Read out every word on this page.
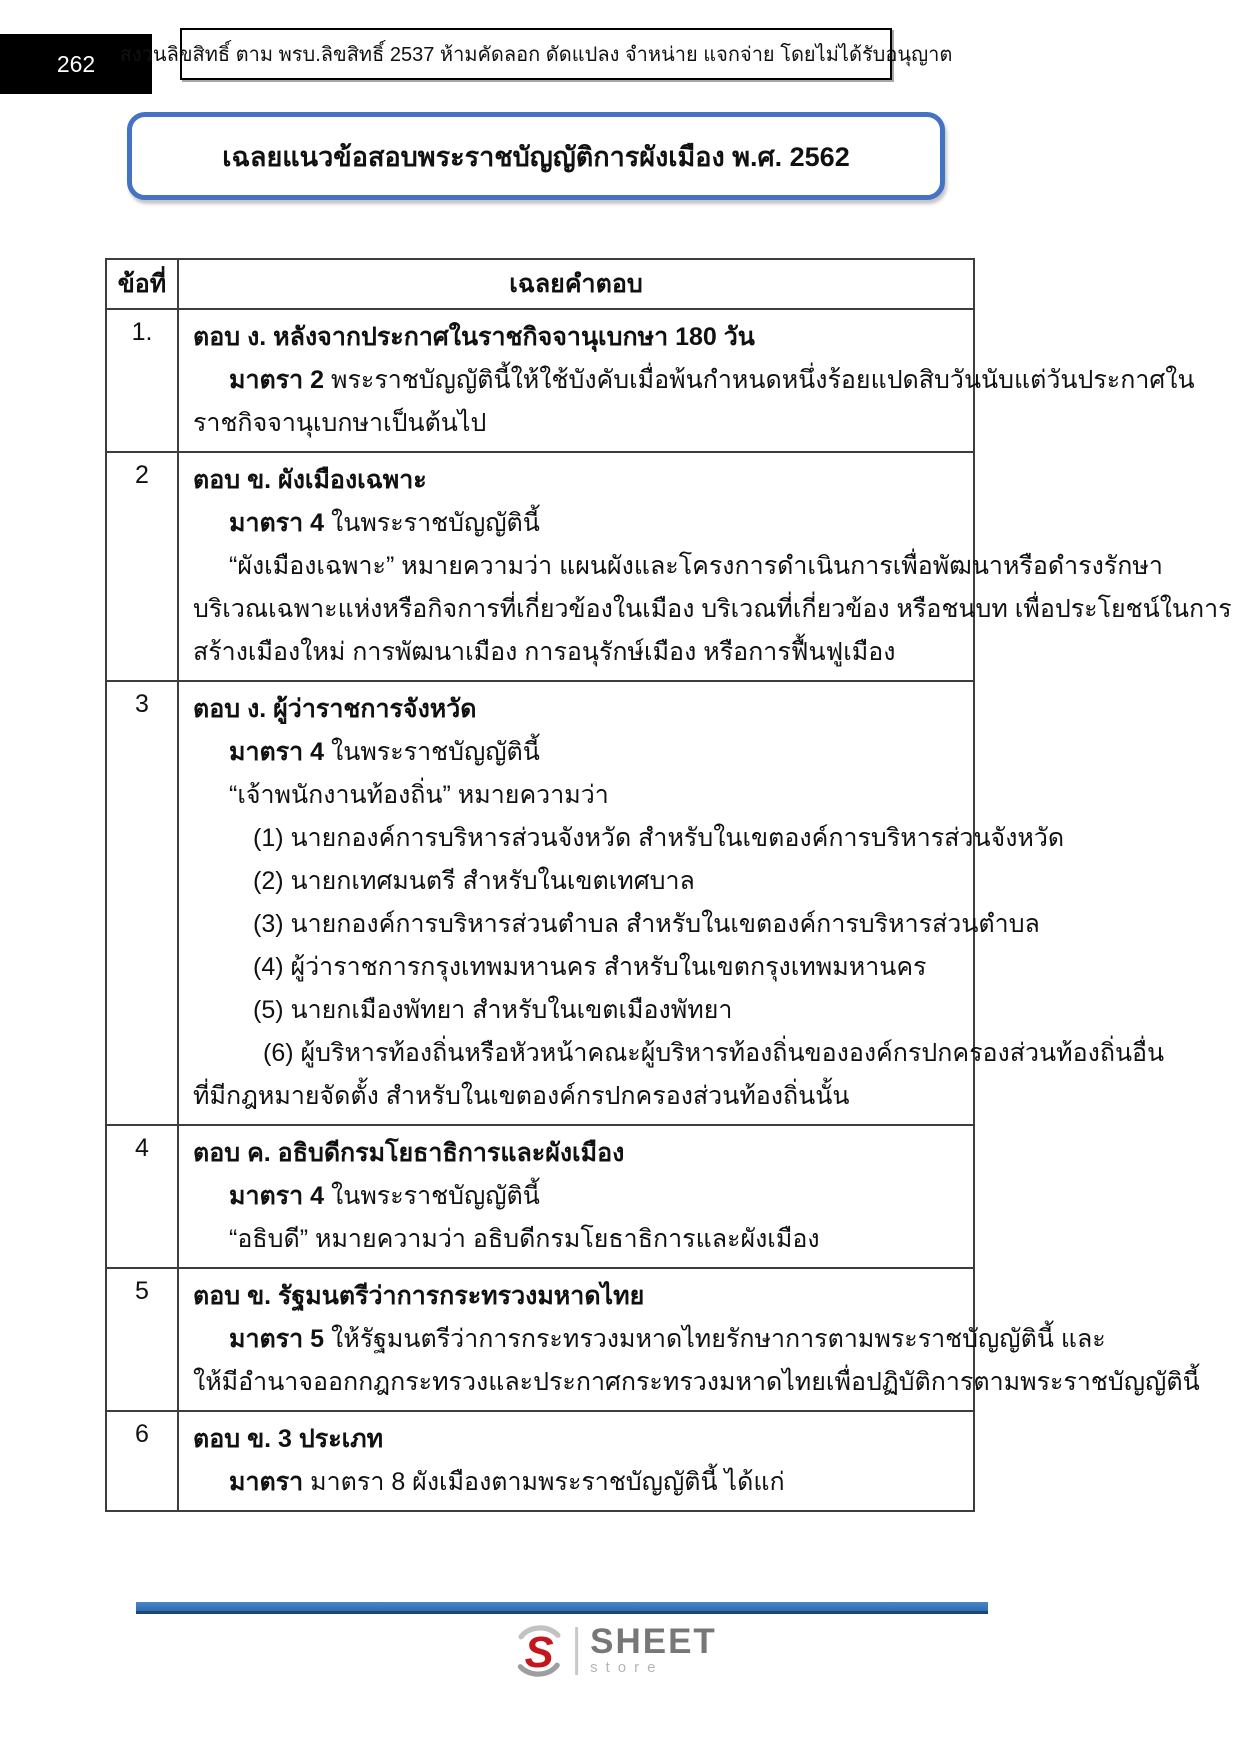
262 สงวนลิขสิทธิ์ ตาม พรบ.ลิขสิทธิ์ 2537 ห้ามคัดลอก ดัดแปลง จำหน่าย แจกจ่าย โดยไม่ได้รับอนุญาต
เฉลยแนวข้อสอบพระราชบัญญัติการผังเมือง พ.ศ. 2562
ข้อที่	เฉลยคำตอบ
1.	ตอบ ง. หลังจากประกาศในราชกิจจานุเบกษา 180 วัน
มาตรา 2 พระราชบัญญัตินี้ให้ใช้บังคับเมื่อพ้นกำหนดหนึ่งร้อยแปดสิบวันนับแต่วันประกาศใน
ราชกิจจานุเบกษาเป็นต้นไป

2	ตอบ ข. ผังเมืองเฉพาะ
มาตรา 4 ในพระราชบัญญัตินี้
“ผังเมืองเฉพาะ” หมายความว่า แผนผังและโครงการดำเนินการเพื่อพัฒนาหรือดำรงรักษา
บริเวณเฉพาะแห่งหรือกิจการที่เกี่ยวข้องในเมือง บริเวณที่เกี่ยวข้อง หรือชนบท เพื่อประโยชน์ในการ
สร้างเมืองใหม่ การพัฒนาเมือง การอนุรักษ์เมือง หรือการฟื้นฟูเมือง

3	ตอบ ง. ผู้ว่าราชการจังหวัด
มาตรา 4 ในพระราชบัญญัตินี้
“เจ้าพนักงานท้องถิ่น” หมายความว่า
(1) นายกองค์การบริหารส่วนจังหวัด สำหรับในเขตองค์การบริหารส่วนจังหวัด
(2) นายกเทศมนตรี สำหรับในเขตเทศบาล
(3) นายกองค์การบริหารส่วนตำบล สำหรับในเขตองค์การบริหารส่วนตำบล
(4) ผู้ว่าราชการกรุงเทพมหานคร สำหรับในเขตกรุงเทพมหานคร
(5) นายกเมืองพัทยา สำหรับในเขตเมืองพัทยา
(6) ผู้บริหารท้องถิ่นหรือหัวหน้าคณะผู้บริหารท้องถิ่นขององค์กรปกครองส่วนท้องถิ่นอื่น
ที่มีกฎหมายจัดตั้ง สำหรับในเขตองค์กรปกครองส่วนท้องถิ่นนั้น

4	ตอบ ค. อธิบดีกรมโยธาธิการและผังเมือง
มาตรา 4 ในพระราชบัญญัตินี้
“อธิบดี” หมายความว่า อธิบดีกรมโยธาธิการและผังเมือง

5	ตอบ ข. รัฐมนตรีว่าการกระทรวงมหาดไทย
มาตรา 5 ให้รัฐมนตรีว่าการกระทรวงมหาดไทยรักษาการตามพระราชบัญญัตินี้ และ
ให้มีอำนาจออกกฎกระทรวงและประกาศกระทรวงมหาดไทยเพื่อปฏิบัติการตามพระราชบัญญัตินี้

6	ตอบ ข. 3 ประเภท
มาตรา มาตรา 8 ผังเมืองตามพระราชบัญญัตินี้ ได้แก่
S SHEET
store
